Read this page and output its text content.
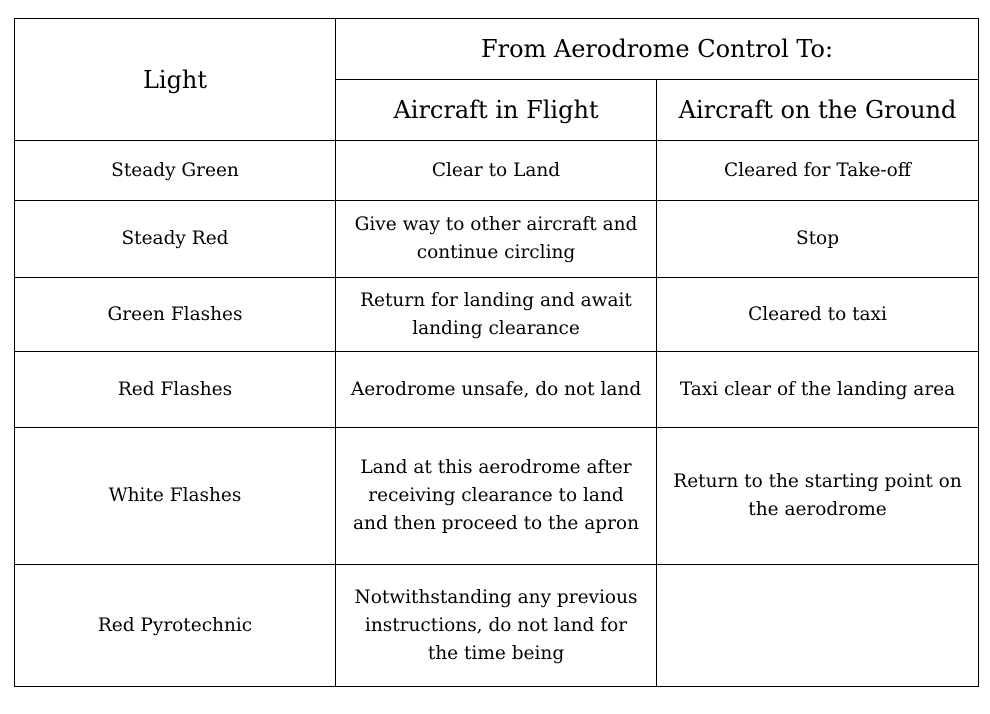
Light	From Aerodrome Control To:	
	Aircraft in Flight	Aircraft on the Ground
Steady Green	Clear to Land	Cleared for Take-off
Steady Red	Give way to other aircraft and continue circling	Stop
Green Flashes	Return for landing and await landing clearance	Cleared to taxi
Red Flashes	Aerodrome unsafe, do not land	Taxi clear of the landing area
White Flashes	Land at this aerodrome after receiving clearance to land and then proceed to the apron	Return to the starting point on the aerodrome
Red Pyrotechnic	Notwithstanding any previous instructions, do not land for the time being	
